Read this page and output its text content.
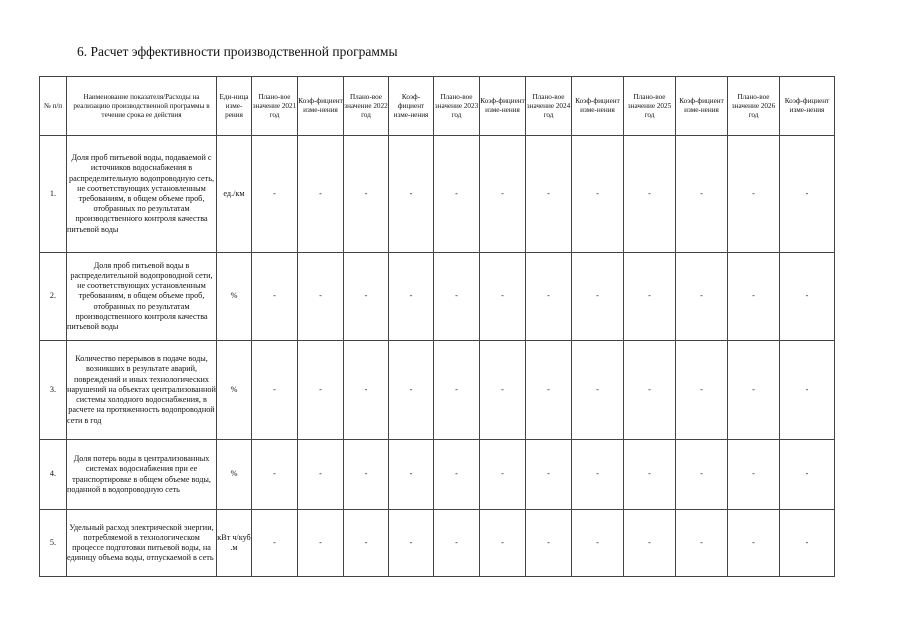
6. Расчет эффективности производственной программы
№ п/п	Наименование показателя/Расходы на реализацию производственной программы в течение срока ее действия	Еди-ница изме-рения	Плано-вое значение 2021 год	Коэф-фициент изме-нения	Плано-вое значение 2022 год	Коэф-фициент изме-нения	Плано-вое значение 2023 год	Коэф-фициент изме-нения	Плано-вое значение 2024 год	Коэф-фициент изме-нения	Плано-вое значение 2025 год	Коэф-фициент изме-нения	Плано-вое значение 2026 год	Коэф-фициент изме-нения
1.	Доля проб питьевой воды, подаваемой с источников водоснабжения в распределительную водопроводную сеть, не соответствующих установленным требованиям, в общем объеме проб, отобранных по результатам производственного контроля качества питьевой воды	ед./км	-	-	-	-	-	-	-	-	-	-	-	-
2.	Доля проб питьевой воды в распределительной водопроводной сети, не соответствующих установленным требованиям, в общем объеме проб, отобранных по результатам производственного контроля качества питьевой воды	%	-	-	-	-	-	-	-	-	-	-	-	-
3.	Количество перерывов в подаче воды, возникших в результате аварий, повреждений и иных технологических нарушений на объектах централизованной системы холодного водоснабжения, в расчете на протяженность водопроводной сети в год	%	-	-	-	-	-	-	-	-	-	-	-	-
4.	Доля потерь воды в централизованных системах водоснабжения при ее транспортировке в общем объеме воды, поданной в водопроводную сеть	%	-	-	-	-	-	-	-	-	-	-	-	-
5.	Удельный расход электрической энергии, потребляемой в технологическом процессе подготовки питьевой воды, на единицу объема воды, отпускаемой в сеть	кВт ч/куб .м	-	-	-	-	-	-	-	-	-	-	-	-
